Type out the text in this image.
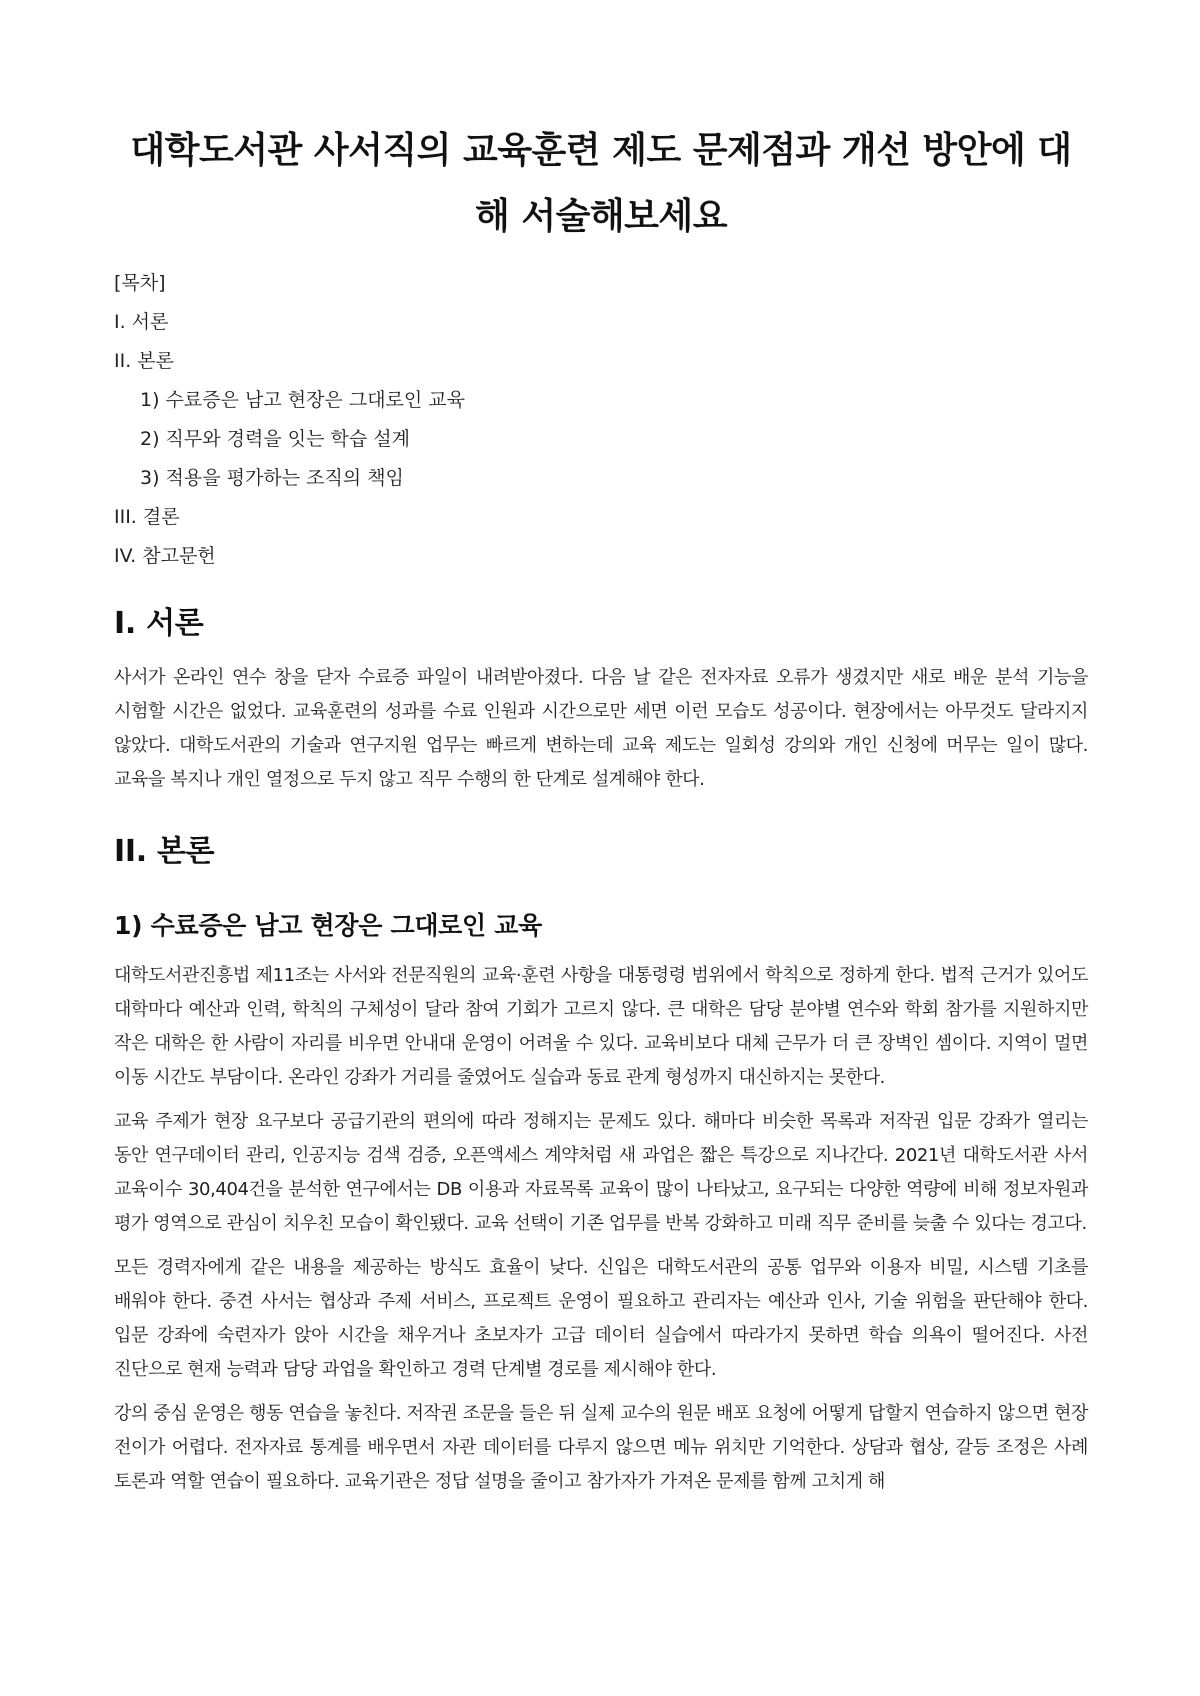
대학도서관 사서직의 교육훈련 제도 문제점과 개선 방안에 대해 서술해보세요

[목차]

I. 서론

II. 본론

1) 수료증은 남고 현장은 그대로인 교육

2) 직무와 경력을 잇는 학습 설계

3) 적용을 평가하는 조직의 책임

III. 결론

IV. 참고문헌

I. 서론

사서가 온라인 연수 창을 닫자 수료증 파일이 내려받아졌다. 다음 날 같은 전자자료 오류가 생겼지만 새로 배운 분석 기능을 시험할 시간은 없었다. 교육훈련의 성과를 수료 인원과 시간으로만 세면 이런 모습도 성공이다. 현장에서는 아무것도 달라지지 않았다. 대학도서관의 기술과 연구지원 업무는 빠르게 변하는데 교육 제도는 일회성 강의와 개인 신청에 머무는 일이 많다. 교육을 복지나 개인 열정으로 두지 않고 직무 수행의 한 단계로 설계해야 한다.

II. 본론
1) 수료증은 남고 현장은 그대로인 교육

대학도서관진흥법 제11조는 사서와 전문직원의 교육·훈련 사항을 대통령령 범위에서 학칙으로 정하게 한다. 법적 근거가 있어도 대학마다 예산과 인력, 학칙의 구체성이 달라 참여 기회가 고르지 않다. 큰 대학은 담당 분야별 연수와 학회 참가를 지원하지만 작은 대학은 한 사람이 자리를 비우면 안내대 운영이 어려울 수 있다. 교육비보다 대체 근무가 더 큰 장벽인 셈이다. 지역이 멀면 이동 시간도 부담이다. 온라인 강좌가 거리를 줄였어도 실습과 동료 관계 형성까지 대신하지는 못한다.

교육 주제가 현장 요구보다 공급기관의 편의에 따라 정해지는 문제도 있다. 해마다 비슷한 목록과 저작권 입문 강좌가 열리는 동안 연구데이터 관리, 인공지능 검색 검증, 오픈액세스 계약처럼 새 과업은 짧은 특강으로 지나간다. 2021년 대학도서관 사서 교육이수 30,404건을 분석한 연구에서는 DB 이용과 자료목록 교육이 많이 나타났고, 요구되는 다양한 역량에 비해 정보자원과 평가 영역으로 관심이 치우친 모습이 확인됐다. 교육 선택이 기존 업무를 반복 강화하고 미래 직무 준비를 늦출 수 있다는 경고다.

모든 경력자에게 같은 내용을 제공하는 방식도 효율이 낮다. 신입은 대학도서관의 공통 업무와 이용자 비밀, 시스템 기초를 배워야 한다. 중견 사서는 협상과 주제 서비스, 프로젝트 운영이 필요하고 관리자는 예산과 인사, 기술 위험을 판단해야 한다. 입문 강좌에 숙련자가 앉아 시간을 채우거나 초보자가 고급 데이터 실습에서 따라가지 못하면 학습 의욕이 떨어진다. 사전 진단으로 현재 능력과 담당 과업을 확인하고 경력 단계별 경로를 제시해야 한다.

강의 중심 운영은 행동 연습을 놓친다. 저작권 조문을 들은 뒤 실제 교수의 원문 배포 요청에 어떻게 답할지 연습하지 않으면 현장 전이가 어렵다. 전자자료 통계를 배우면서 자관 데이터를 다루지 않으면 메뉴 위치만 기억한다. 상담과 협상, 갈등 조정은 사례 토론과 역할 연습이 필요하다. 교육기관은 정답 설명을 줄이고 참가자가 가져온 문제를 함께 고치게 해
